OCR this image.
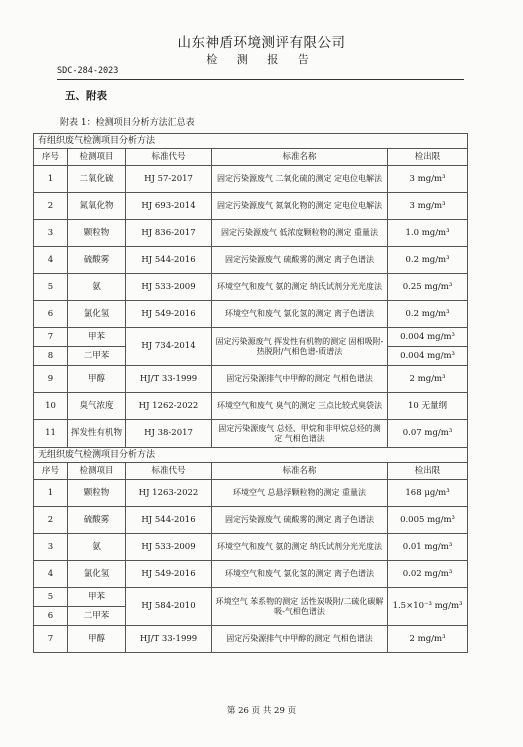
山东神盾环境测评有限公司
检 测 报 告
SDC-284-2023
五、附表
附表 1：检测项目分析方法汇总表
有组织废气检测项目分析方法				
序号	检测项目	标准代号	标准名称	检出限
1	二氧化硫	HJ 57-2017	固定污染源废气 二氧化硫的测定 定电位电解法	3 mg/m³
2	氮氧化物	HJ 693-2014	固定污染源废气 氮氧化物的测定 定电位电解法	3 mg/m³
3	颗粒物	HJ 836-2017	固定污染源废气 低浓度颗粒物的测定 重量法	1.0 mg/m³
4	硫酸雾	HJ 544-2016	固定污染源废气 硫酸雾的测定 离子色谱法	0.2 mg/m³
5	氨	HJ 533-2009	环境空气和废气 氨的测定 纳氏试剂分光光度法	0.25 mg/m³
6	氯化氢	HJ 549-2016	环境空气和废气 氯化氢的测定 离子色谱法	0.2 mg/m³
7	甲苯	HJ 734-2014	固定污染源废气 挥发性有机物的测定 固相吸附-热脱附/气相色谱-质谱法	0.004 mg/m³
8	二甲苯			0.004 mg/m³
9	甲醇	HJ/T 33-1999	固定污染源排气中甲醇的测定 气相色谱法	2 mg/m³
10	臭气浓度	HJ 1262-2022	环境空气和废气 臭气的测定 三点比较式臭袋法	10 无量纲
11	挥发性有机物	HJ 38-2017	固定污染源废气 总烃、甲烷和非甲烷总烃的测定 气相色谱法	0.07 mg/m³
无组织废气检测项目分析方法				
序号	检测项目	标准代号	标准名称	检出限
1	颗粒物	HJ 1263-2022	环境空气 总悬浮颗粒物的测定 重量法	168 μg/m³
2	硫酸雾	HJ 544-2016	固定污染源废气 硫酸雾的测定 离子色谱法	0.005 mg/m³
3	氨	HJ 533-2009	环境空气和废气 氨的测定 纳氏试剂分光光度法	0.01 mg/m³
4	氯化氢	HJ 549-2016	环境空气和废气 氯化氢的测定 离子色谱法	0.02 mg/m³
5	甲苯	HJ 584-2010	环境空气 苯系物的测定 活性炭吸附/二硫化碳解吸-气相色谱法	1.5×10⁻³ mg/m³
6	二甲苯			
7	甲醇	HJ/T 33-1999	固定污染源排气中甲醇的测定 气相色谱法	2 mg/m³
第 26 页 共 29 页
